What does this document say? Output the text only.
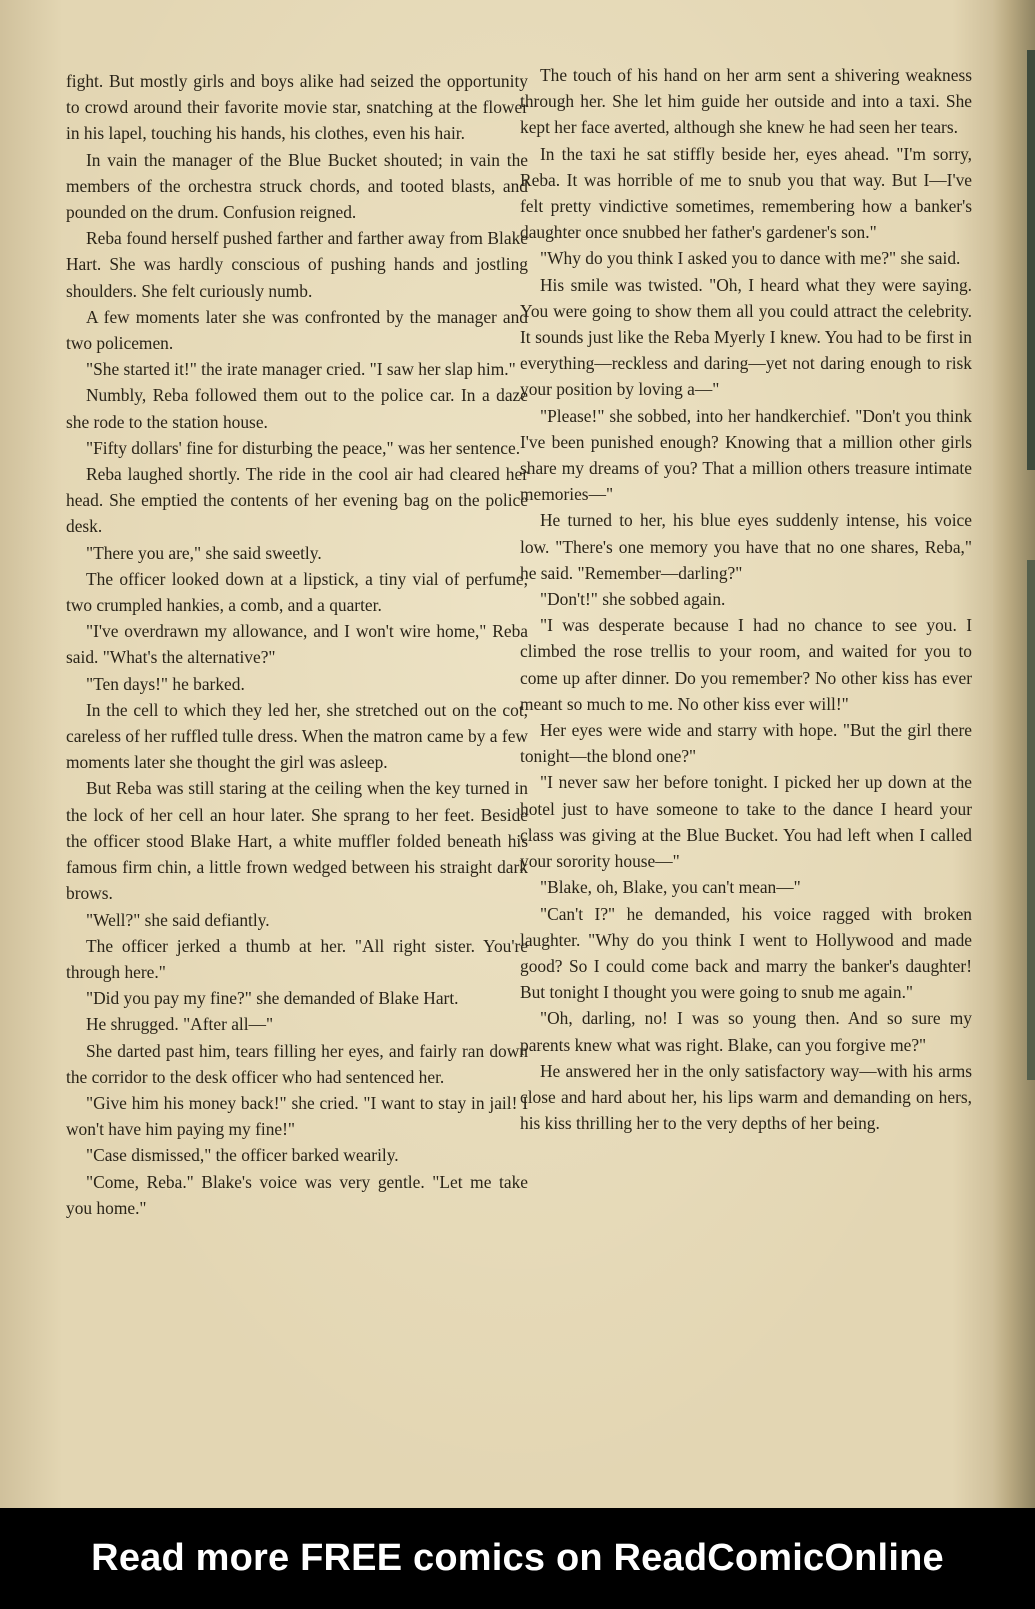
fight. But mostly girls and boys alike had seized the opportunity to crowd around their favorite movie star, snatching at the flower in his lapel, touching his hands, his clothes, even his hair.

In vain the manager of the Blue Bucket shouted; in vain the members of the orchestra struck chords, and tooted blasts, and pounded on the drum. Confusion reigned.

Reba found herself pushed farther and farther away from Blake Hart. She was hardly conscious of pushing hands and jostling shoulders. She felt curiously numb.

A few moments later she was confronted by the manager and two policemen.

"She started it!" the irate manager cried. "I saw her slap him."

Numbly, Reba followed them out to the police car. In a daze she rode to the station house.

"Fifty dollars' fine for disturbing the peace," was her sentence.

Reba laughed shortly. The ride in the cool air had cleared her head. She emptied the contents of her evening bag on the police desk.

"There you are," she said sweetly.

The officer looked down at a lipstick, a tiny vial of perfume, two crumpled hankies, a comb, and a quarter.

"I've overdrawn my allowance, and I won't wire home," Reba said. "What's the alternative?"

"Ten days!" he barked.

In the cell to which they led her, she stretched out on the cot, careless of her ruffled tulle dress. When the matron came by a few moments later she thought the girl was asleep.

But Reba was still staring at the ceiling when the key turned in the lock of her cell an hour later. She sprang to her feet. Beside the officer stood Blake Hart, a white muffler folded beneath his famous firm chin, a little frown wedged between his straight dark brows.

"Well?" she said defiantly.

The officer jerked a thumb at her. "All right sister. You're through here."

"Did you pay my fine?" she demanded of Blake Hart.

He shrugged. "After all—"

She darted past him, tears filling her eyes, and fairly ran down the corridor to the desk officer who had sentenced her.

"Give him his money back!" she cried. "I want to stay in jail! I won't have him paying my fine!"

"Case dismissed," the officer barked wearily.

"Come, Reba." Blake's voice was very gentle. "Let me take you home."

The touch of his hand on her arm sent a shivering weakness through her. She let him guide her outside and into a taxi. She kept her face averted, although she knew he had seen her tears.

In the taxi he sat stiffly beside her, eyes ahead. "I'm sorry, Reba. It was horrible of me to snub you that way. But I—I've felt pretty vindictive sometimes, remembering how a banker's daughter once snubbed her father's gardener's son."

"Why do you think I asked you to dance with me?" she said.

His smile was twisted. "Oh, I heard what they were saying. You were going to show them all you could attract the celebrity. It sounds just like the Reba Myerly I knew. You had to be first in everything—reckless and daring—yet not daring enough to risk your position by loving a—"

"Please!" she sobbed, into her handkerchief. "Don't you think I've been punished enough? Knowing that a million other girls share my dreams of you? That a million others treasure intimate memories—"

He turned to her, his blue eyes suddenly intense, his voice low. "There's one memory you have that no one shares, Reba," he said. "Remember—darling?"

"Don't!" she sobbed again.

"I was desperate because I had no chance to see you. I climbed the rose trellis to your room, and waited for you to come up after dinner. Do you remember? No other kiss has ever meant so much to me. No other kiss ever will!"

Her eyes were wide and starry with hope. "But the girl there tonight—the blond one?"

"I never saw her before tonight. I picked her up down at the hotel just to have someone to take to the dance I heard your class was giving at the Blue Bucket. You had left when I called your sorority house—"

"Blake, oh, Blake, you can't mean—"

"Can't I?" he demanded, his voice ragged with broken laughter. "Why do you think I went to Hollywood and made good? So I could come back and marry the banker's daughter! But tonight I thought you were going to snub me again."

"Oh, darling, no! I was so young then. And so sure my parents knew what was right. Blake, can you forgive me?"

He answered her in the only satisfactory way—with his arms close and hard about her, his lips warm and demanding on hers, his kiss thrilling her to the very depths of her being.

Read more FREE comics on ReadComicOnline
